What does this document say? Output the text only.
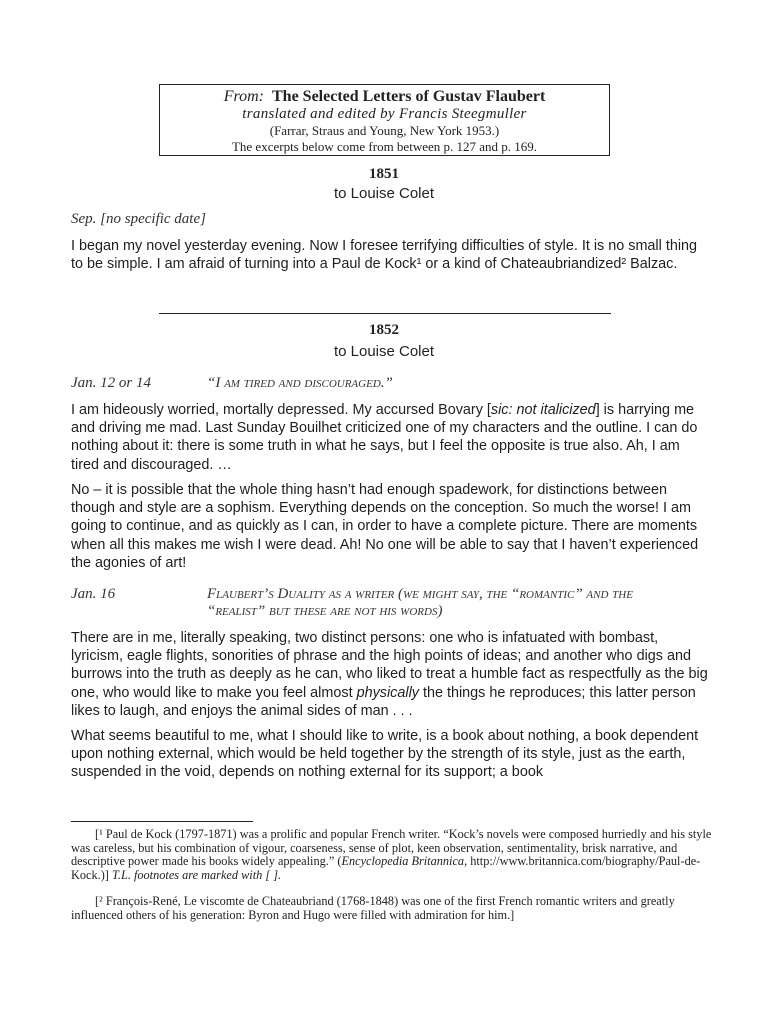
From: The Selected Letters of Gustav Flaubert
translated and edited by Francis Steegmuller
(Farrar, Straus and Young, New York 1953.)
The excerpts below come from between p. 127 and p. 169.
1851
to Louise Colet
Sep. [no specific date]
I began my novel yesterday evening. Now I foresee terrifying difficulties of style. It is no small thing to be simple. I am afraid of turning into a Paul de Kock¹ or a kind of Chateaubriandized² Balzac.
1852
to Louise Colet
Jan. 12 or 14	“I am tired and discouraged.”
I am hideously worried, mortally depressed. My accursed Bovary [sic: not italicized] is harrying me and driving me mad. Last Sunday Bouilhet criticized one of my characters and the outline. I can do nothing about it: there is some truth in what he says, but I feel the opposite is true also. Ah, I am tired and discouraged. …
No – it is possible that the whole thing hasn’t had enough spadework, for distinctions between though and style are a sophism. Everything depends on the conception. So much the worse! I am going to continue, and as quickly as I can, in order to have a complete picture. There are moments when all this makes me wish I were dead. Ah! No one will be able to say that I haven’t experienced the agonies of art!
Jan. 16	Flaubert’s Duality as a writer (we might say, the “romantic” and the
“realist” but these are not his words)
There are in me, literally speaking, two distinct persons: one who is infatuated with bombast, lyricism, eagle flights, sonorities of phrase and the high points of ideas; and another who digs and burrows into the truth as deeply as he can, who liked to treat a humble fact as respectfully as the big one, who would like to make you feel almost physically the things he reproduces; this latter person likes to laugh, and enjoys the animal sides of man . . .
What seems beautiful to me, what I should like to write, is a book about nothing, a book dependent upon nothing external, which would be held together by the strength of its style, just as the earth, suspended in the void, depends on nothing external for its support; a book
[¹ Paul de Kock (1797-1871) was a prolific and popular French writer. “Kock’s novels were composed hurriedly and his style was careless, but his combination of vigour, coarseness, sense of plot, keen observation, sentimentality, brisk narrative, and descriptive power made his books widely appealing.” (Encyclopedia Britannica, http://www.britannica.com/biography/Paul-de-Kock.)] T.L. footnotes are marked with [ ].
[² François-René, Le viscomte de Chateaubriand (1768-1848) was one of the first French romantic writers and greatly influenced others of his generation: Byron and Hugo were filled with admiration for him.]
